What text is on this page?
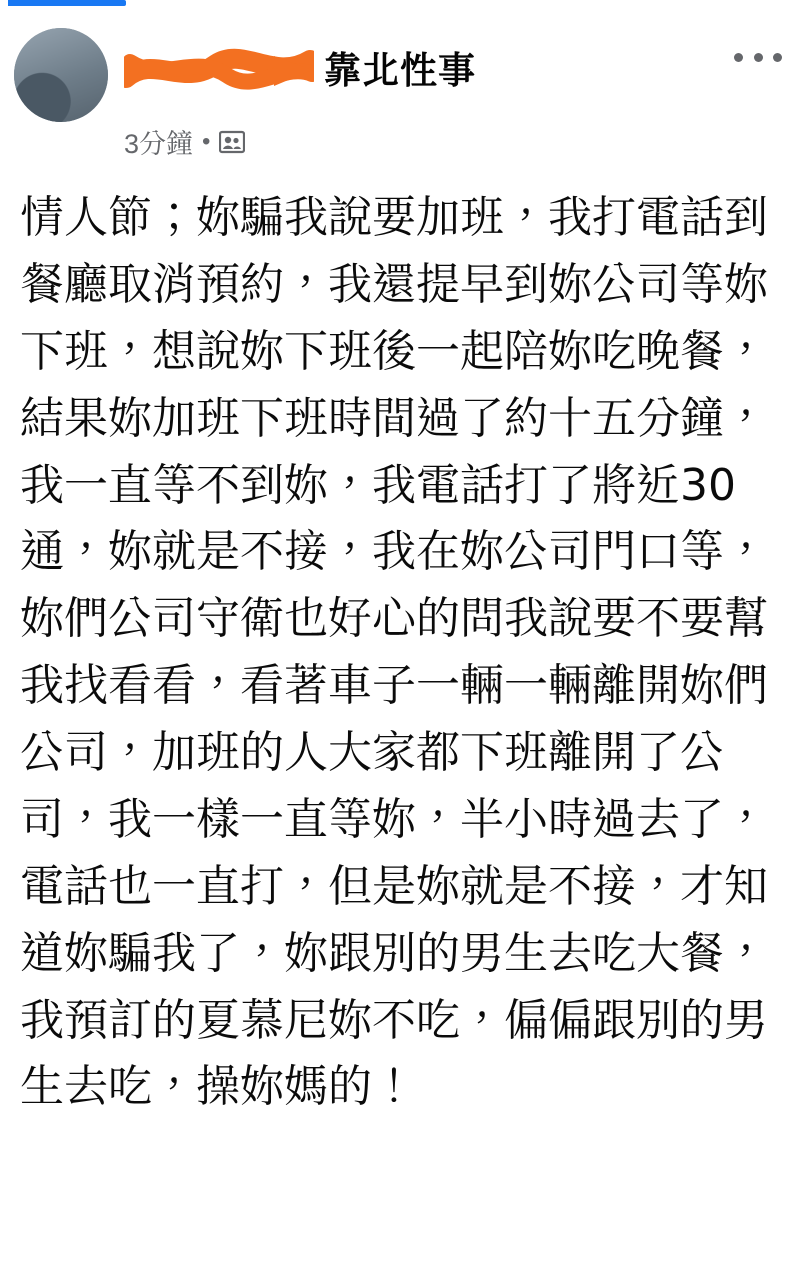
靠北性事
3分鐘 •

情人節；妳騙我說要加班，我打電話到餐廳取消預約，我還提早到妳公司等妳下班，想說妳下班後一起陪妳吃晚餐，結果妳加班下班時間過了約十五分鐘，我一直等不到妳，我電話打了將近30通，妳就是不接，我在妳公司門口等，妳們公司守衛也好心的問我說要不要幫我找看看，看著車子一輛一輛離開妳們公司，加班的人大家都下班離開了公司，我一樣一直等妳，半小時過去了，電話也一直打，但是妳就是不接，才知道妳騙我了，妳跟別的男生去吃大餐，我預訂的夏慕尼妳不吃，偏偏跟別的男生去吃，操妳媽的！
